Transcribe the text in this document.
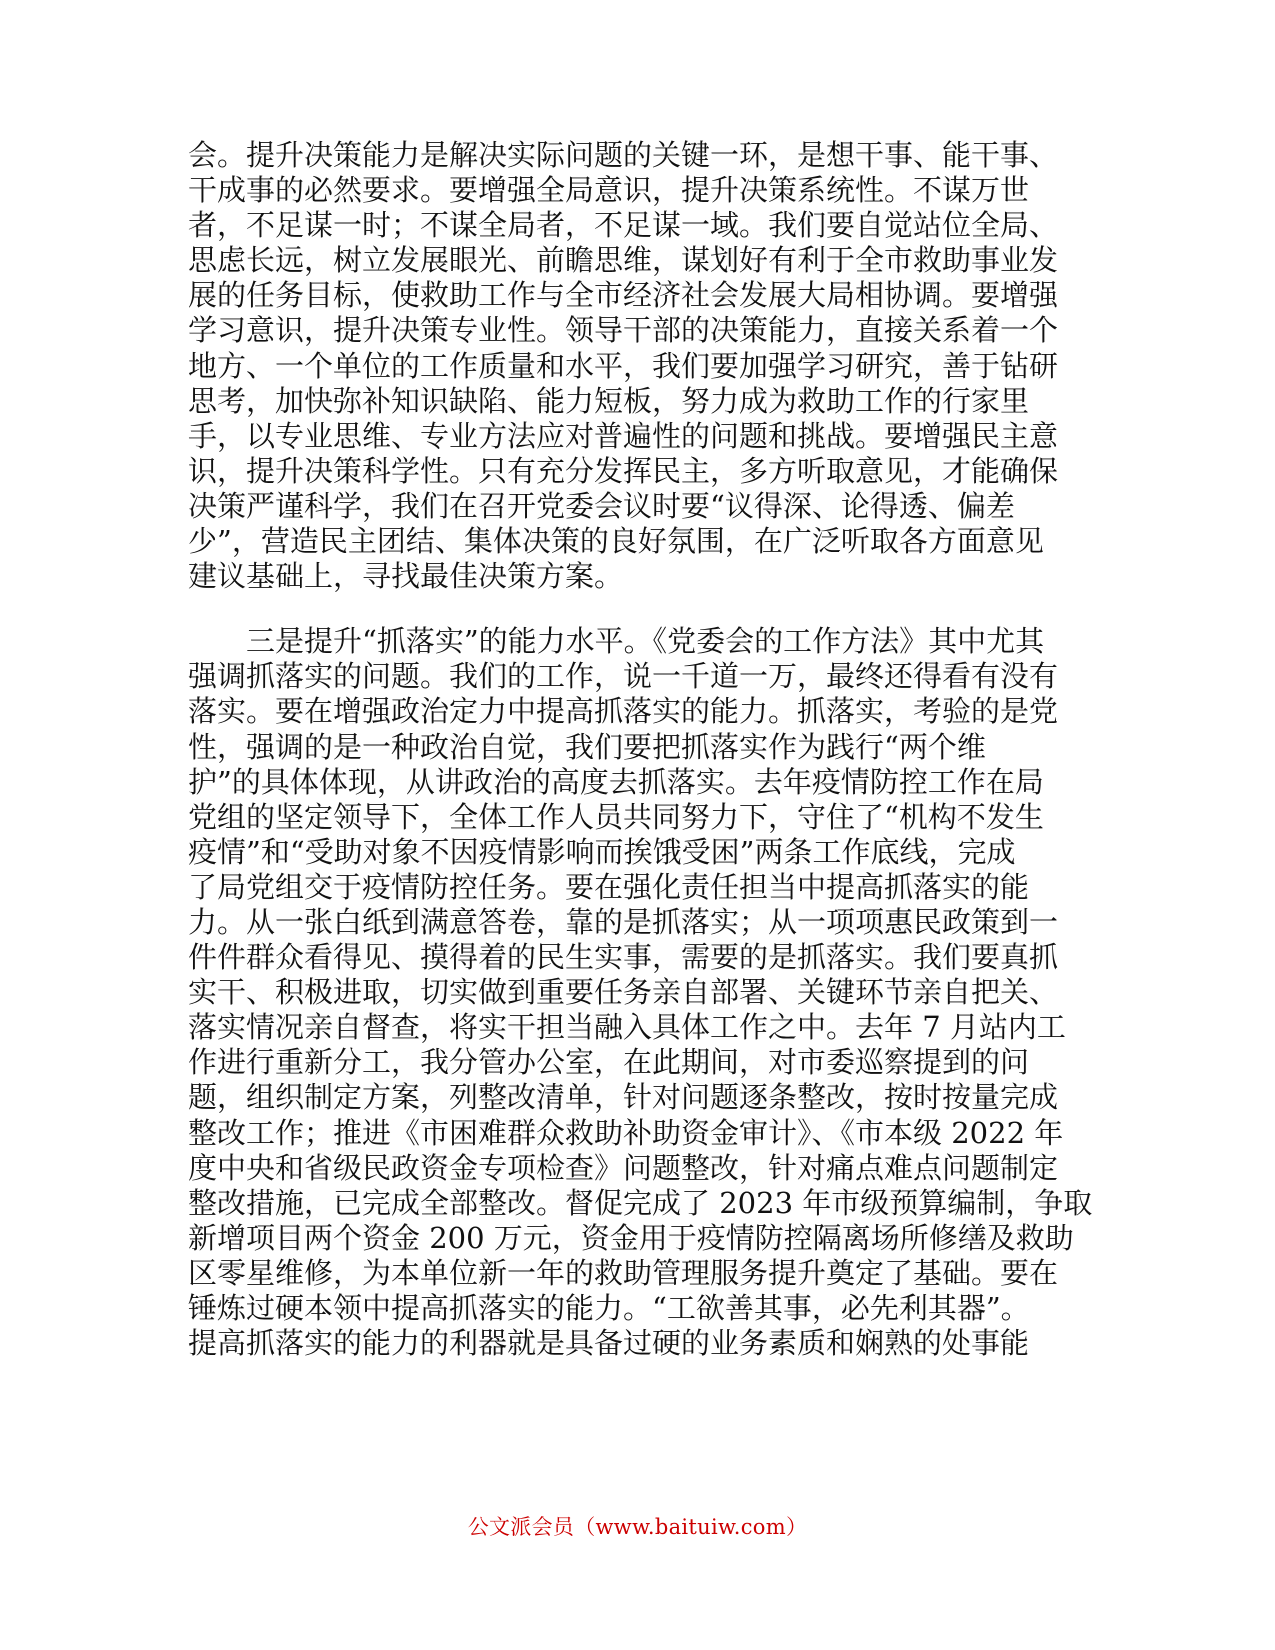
会。提升决策能力是解决实际问题的关键一环，是想干事、能干事、
干成事的必然要求。要增强全局意识，提升决策系统性。不谋万世
者，不足谋一时；不谋全局者，不足谋一域。我们要自觉站位全局、
思虑长远，树立发展眼光、前瞻思维，谋划好有利于全市救助事业发
展的任务目标，使救助工作与全市经济社会发展大局相协调。要增强
学习意识，提升决策专业性。领导干部的决策能力，直接关系着一个
地方、一个单位的工作质量和水平，我们要加强学习研究，善于钻研
思考，加快弥补知识缺陷、能力短板，努力成为救助工作的行家里
手，以专业思维、专业方法应对普遍性的问题和挑战。要增强民主意
识，提升决策科学性。只有充分发挥民主，多方听取意见，才能确保
决策严谨科学，我们在召开党委会议时要“议得深、论得透、偏差
少”，营造民主团结、集体决策的良好氛围，在广泛听取各方面意见
建议基础上，寻找最佳决策方案。

三是提升“抓落实”的能力水平。《党委会的工作方法》其中尤其
强调抓落实的问题。我们的工作，说一千道一万，最终还得看有没有
落实。要在增强政治定力中提高抓落实的能力。抓落实，考验的是党
性，强调的是一种政治自觉，我们要把抓落实作为践行“两个维
护”的具体体现，从讲政治的高度去抓落实。去年疫情防控工作在局
党组的坚定领导下，全体工作人员共同努力下，守住了“机构不发生
疫情”和“受助对象不因疫情影响而挨饿受困”两条工作底线，完成
了局党组交于疫情防控任务。要在强化责任担当中提高抓落实的能
力。从一张白纸到满意答卷，靠的是抓落实；从一项项惠民政策到一
件件群众看得见、摸得着的民生实事，需要的是抓落实。我们要真抓
实干、积极进取，切实做到重要任务亲自部署、关键环节亲自把关、
落实情况亲自督查，将实干担当融入具体工作之中。去年 7 月站内工
作进行重新分工，我分管办公室，在此期间，对市委巡察提到的问
题，组织制定方案，列整改清单，针对问题逐条整改，按时按量完成
整改工作；推进《市困难群众救助补助资金审计》、《市本级 2022 年
度中央和省级民政资金专项检查》问题整改，针对痛点难点问题制定
整改措施，已完成全部整改。督促完成了 2023 年市级预算编制，争取
新增项目两个资金 200 万元，资金用于疫情防控隔离场所修缮及救助
区零星维修，为本单位新一年的救助管理服务提升奠定了基础。要在
锤炼过硬本领中提高抓落实的能力。“工欲善其事，必先利其器”。
提高抓落实的能力的利器就是具备过硬的业务素质和娴熟的处事能

公文派会员（www.baituiw.com）
